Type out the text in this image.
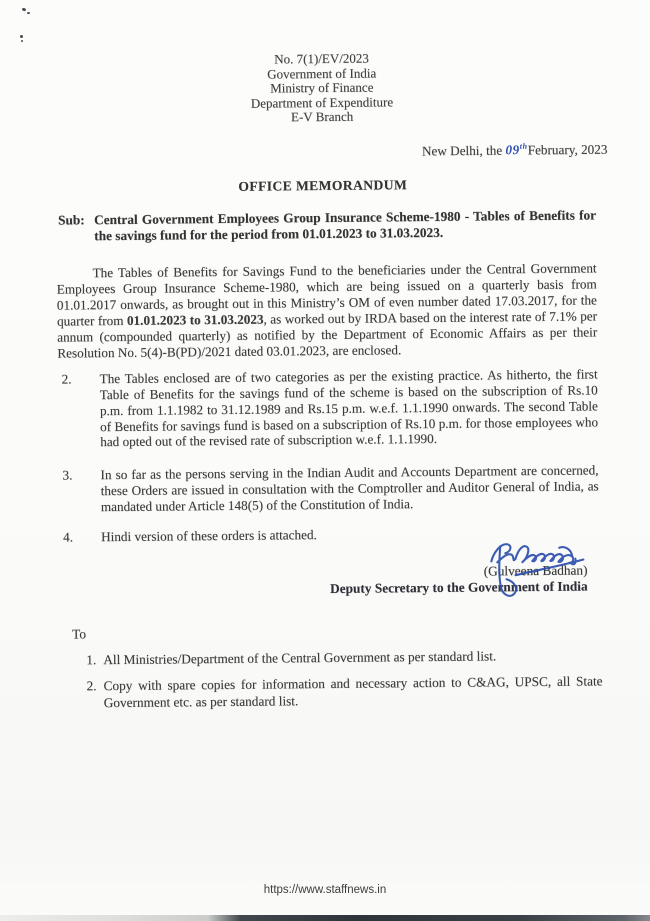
No. 7(1)/EV/2023
Government of India
Ministry of Finance
Department of Expenditure
E-V Branch
New Delhi, the 09thFebruary, 2023
OFFICE MEMORANDUM
Sub: Central Government Employees Group Insurance Scheme-1980 - Tables of Benefits for the savings fund for the period from 01.01.2023 to 31.03.2023.
The Tables of Benefits for Savings Fund to the beneficiaries under the Central Government Employees Group Insurance Scheme-1980, which are being issued on a quarterly basis from 01.01.2017 onwards, as brought out in this Ministry’s OM of even number dated 17.03.2017, for the quarter from 01.01.2023 to 31.03.2023, as worked out by IRDA based on the interest rate of 7.1% per annum (compounded quarterly) as notified by the Department of Economic Affairs as per their Resolution No. 5(4)-B(PD)/2021 dated 03.01.2023, are enclosed.
2. The Tables enclosed are of two categories as per the existing practice. As hitherto, the first Table of Benefits for the savings fund of the scheme is based on the subscription of Rs.10 p.m. from 1.1.1982 to 31.12.1989 and Rs.15 p.m. w.e.f. 1.1.1990 onwards. The second Table of Benefits for savings fund is based on a subscription of Rs.10 p.m. for those employees who had opted out of the revised rate of subscription w.e.f. 1.1.1990.
3. In so far as the persons serving in the Indian Audit and Accounts Department are concerned, these Orders are issued in consultation with the Comptroller and Auditor General of India, as mandated under Article 148(5) of the Constitution of India.
4. Hindi version of these orders is attached.
(Gulveena Badhan)
Deputy Secretary to the Government of India
To
1. All Ministries/Department of the Central Government as per standard list.
2. Copy with spare copies for information and necessary action to C&AG, UPSC, all State Government etc. as per standard list.
https://www.staffnews.in
